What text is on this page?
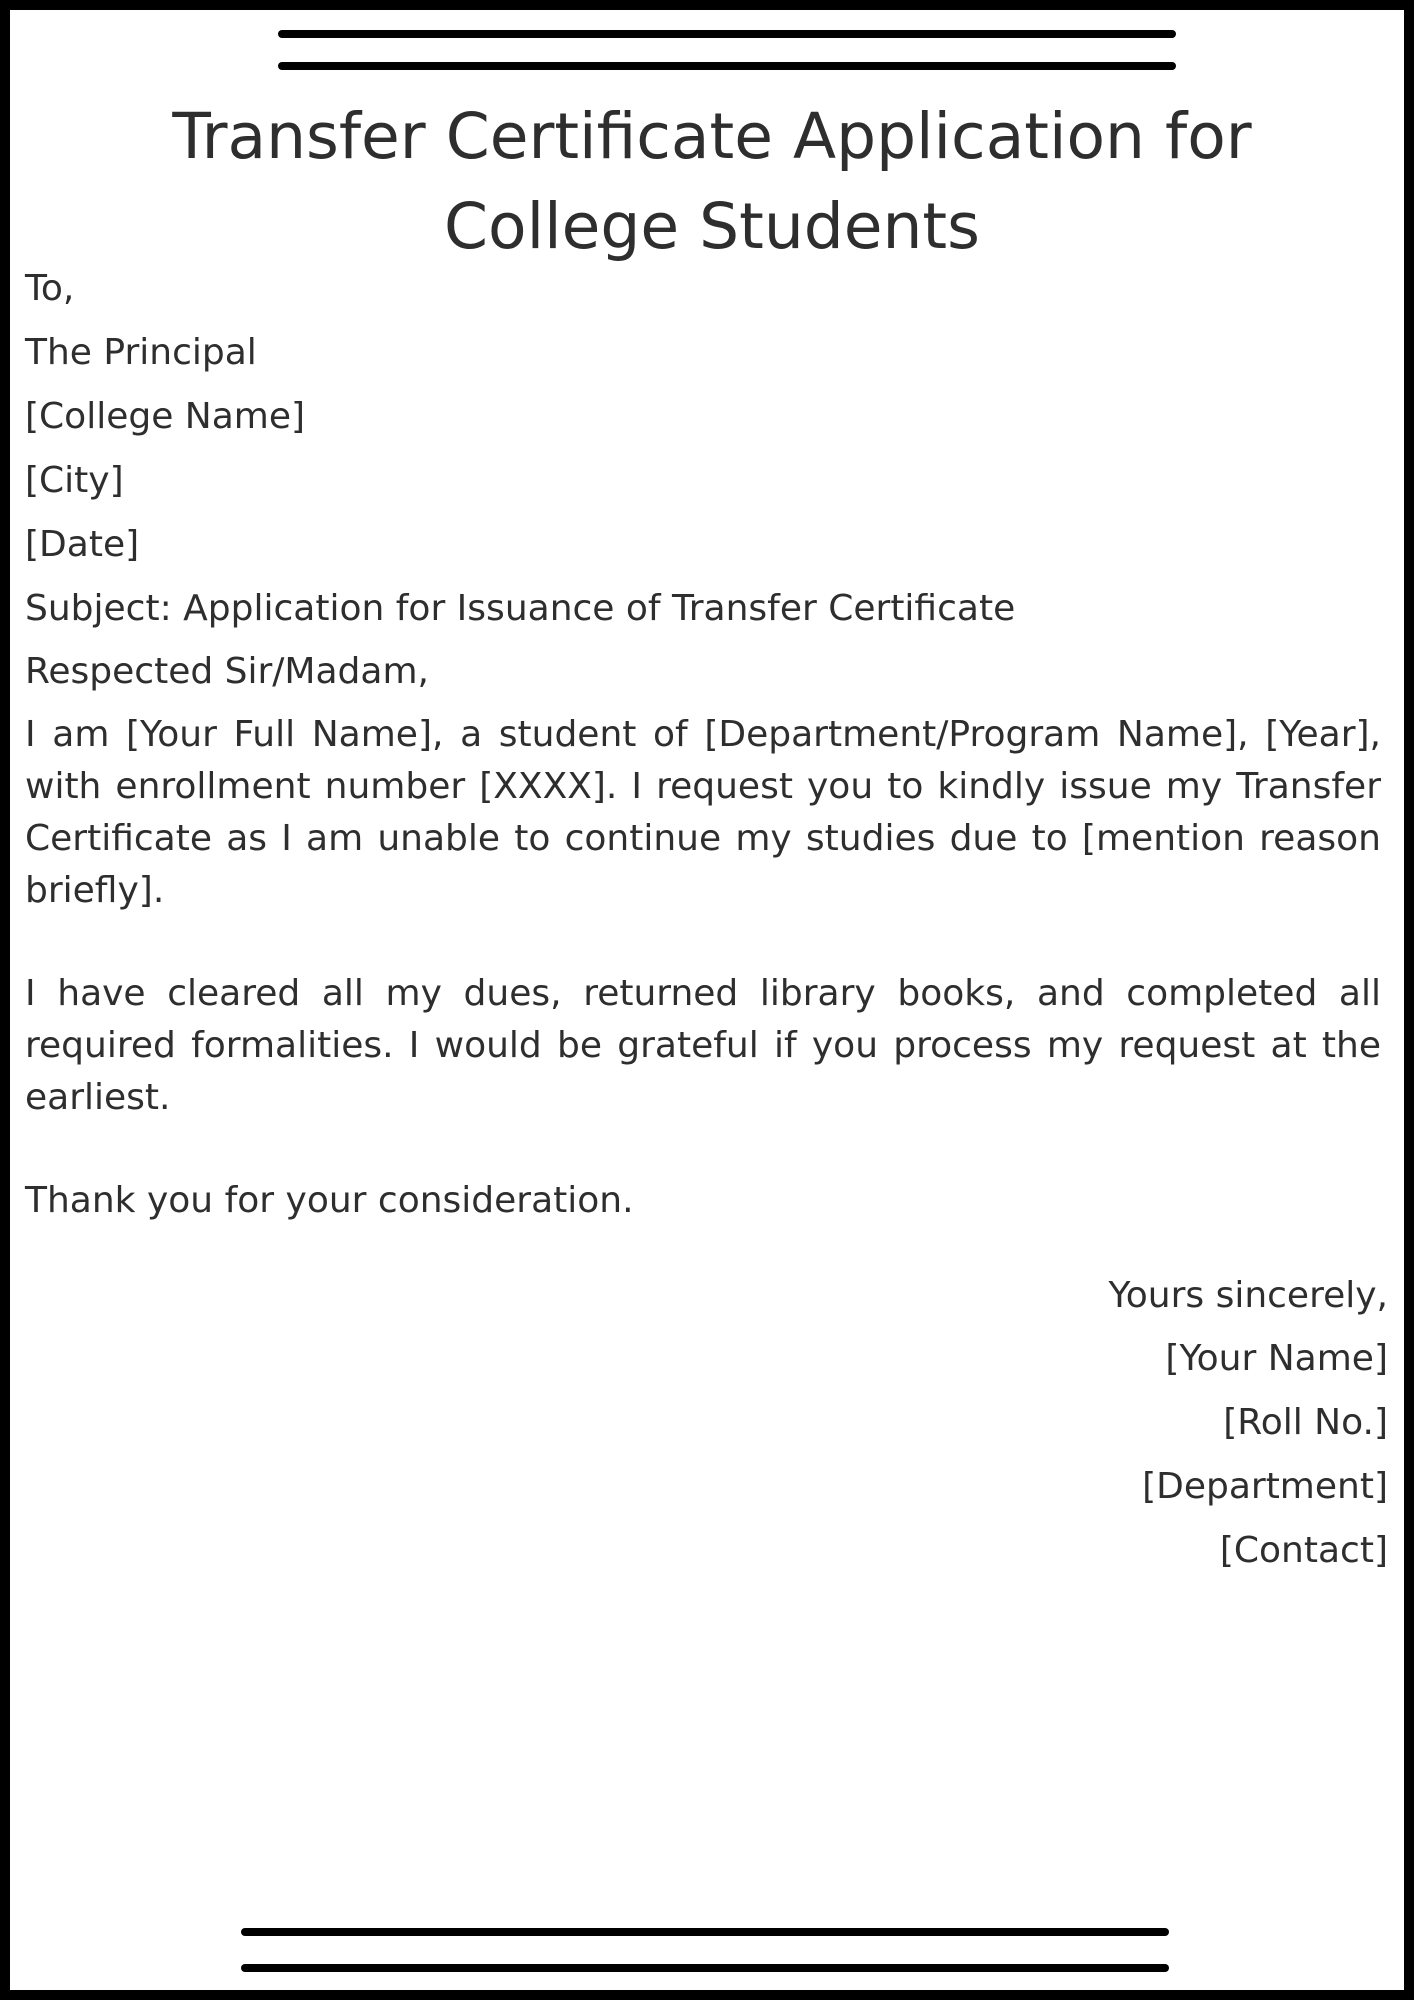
Transfer Certificate Application for College Students

To,

The Principal

[College Name]

[City]

[Date]

Subject: Application for Issuance of Transfer Certificate

Respected Sir/Madam,

I am [Your Full Name], a student of [Department/Program Name], [Year], with enrollment number [XXXX]. I request you to kindly issue my Transfer Certificate as I am unable to continue my studies due to [mention reason briefly].

I have cleared all my dues, returned library books, and completed all required formalities. I would be grateful if you process my request at the earliest.

Thank you for your consideration.

Yours sincerely,

[Your Name]

[Roll No.]

[Department]

[Contact]
